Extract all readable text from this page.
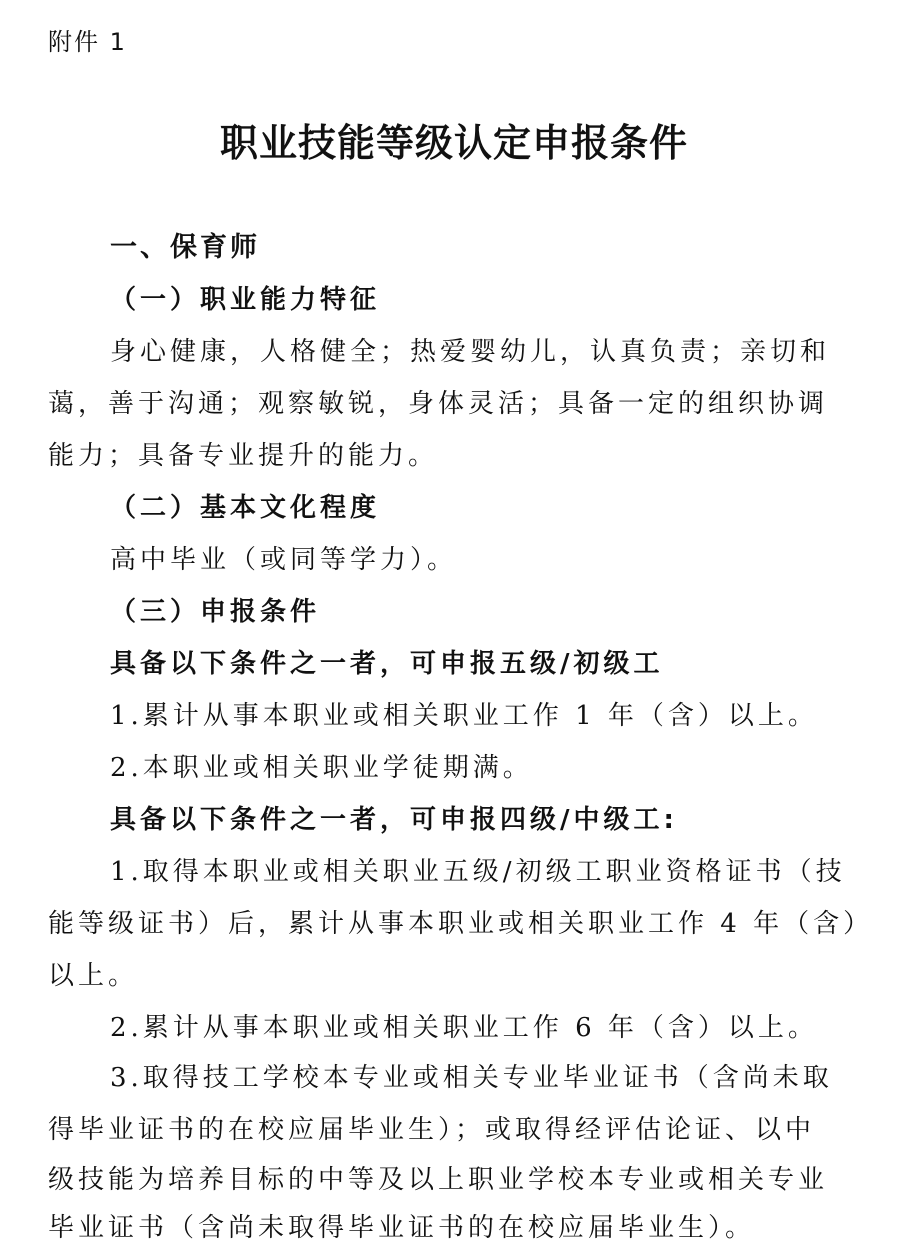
附件 1
职业技能等级认定申报条件
一、保育师
（一）职业能力特征
身心健康，人格健全；热爱婴幼儿，认真负责；亲切和
蔼，善于沟通；观察敏锐，身体灵活；具备一定的组织协调
能力；具备专业提升的能力。
（二）基本文化程度
高中毕业（或同等学力）。
（三）申报条件
具备以下条件之一者，可申报五级/初级工
1.累计从事本职业或相关职业工作 1 年（含）以上。
2.本职业或相关职业学徒期满。
具备以下条件之一者，可申报四级/中级工:
1.取得本职业或相关职业五级/初级工职业资格证书（技
能等级证书）后，累计从事本职业或相关职业工作 4 年（含）
以上。
2.累计从事本职业或相关职业工作 6 年（含）以上。
3.取得技工学校本专业或相关专业毕业证书（含尚未取
得毕业证书的在校应届毕业生）；或取得经评估论证、以中
级技能为培养目标的中等及以上职业学校本专业或相关专业
毕业证书（含尚未取得毕业证书的在校应届毕业生）。
